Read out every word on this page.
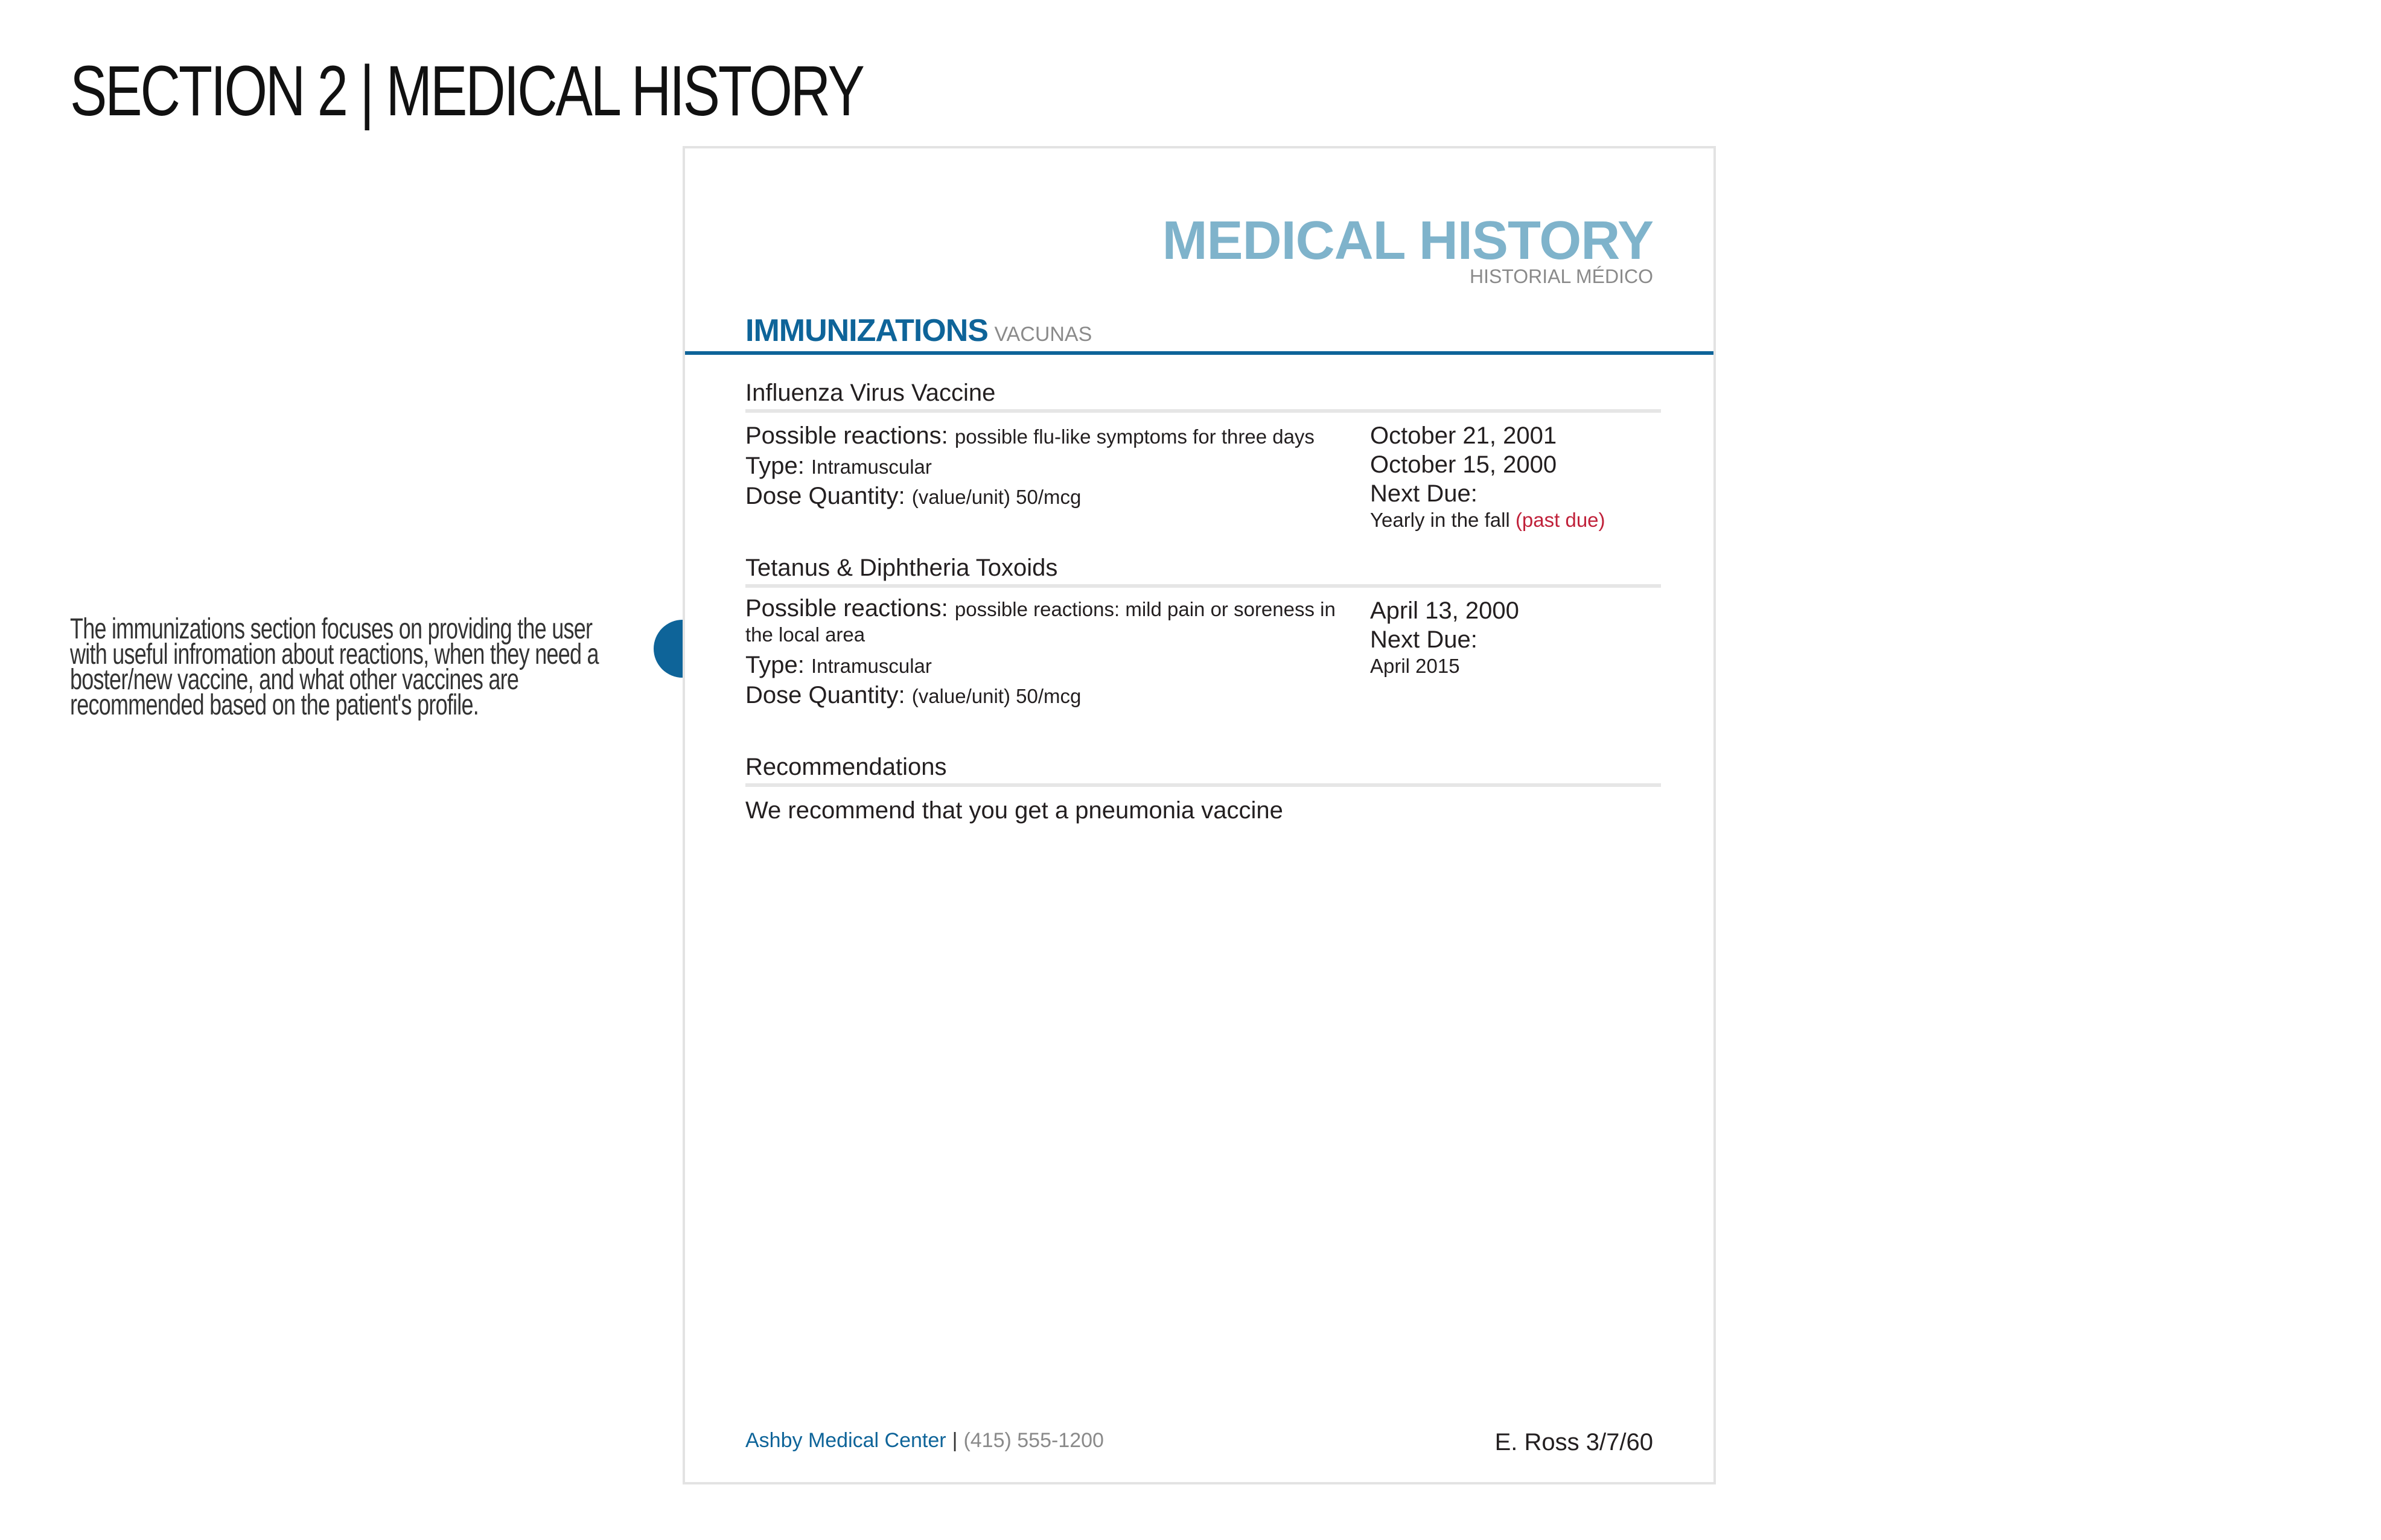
SECTION 2 | MEDICAL HISTORY
The immunizations section focuses on providing the user with useful infromation about reactions, when they need a boster/new vaccine, and what other vaccines are recommended based on the patient's profile.
MEDICAL HISTORY
HISTORIAL MÉDICO
IMMUNIZATIONS VACUNAS
Influenza Virus Vaccine
Possible reactions: possible flu-like symptoms for three days
Type: Intramuscular
Dose Quantity: (value/unit) 50/mcg
October 21, 2001
October 15, 2000
Next Due:
Yearly in the fall (past due)
Tetanus & Diphtheria Toxoids
Possible reactions: possible reactions: mild pain or soreness in the local area
Type: Intramuscular
Dose Quantity: (value/unit) 50/mcg
April 13, 2000
Next Due:
April 2015
Recommendations
We recommend that you get a pneumonia vaccine
Ashby Medical Center | (415) 555-1200	E. Ross 3/7/60
